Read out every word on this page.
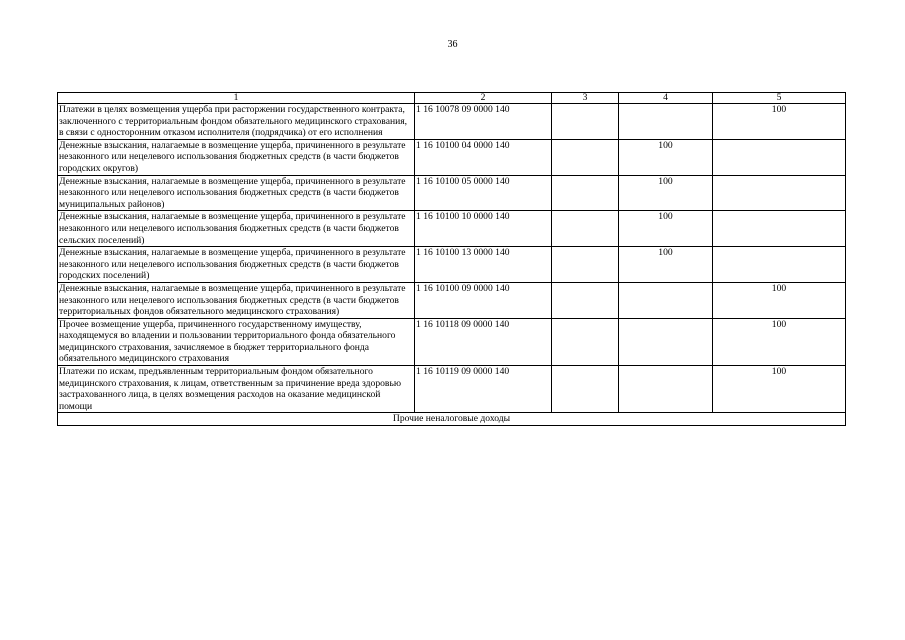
36
1	2	3	4	5
Платежи в целях возмещения ущерба при расторжении государственного контракта, заключенного с территориальным фондом обязательного медицинского страхования, в связи с односторонним отказом исполнителя (подрядчика) от его исполнения	1 16 10078 09 0000 140			100
Денежные взыскания, налагаемые в возмещение ущерба, причиненного в результате незаконного или нецелевого использования бюджетных средств (в части бюджетов городских округов)	1 16 10100 04 0000 140		100	
Денежные взыскания, налагаемые в возмещение ущерба, причиненного в результате незаконного или нецелевого использования бюджетных средств (в части бюджетов муниципальных районов)	1 16 10100 05 0000 140		100	
Денежные взыскания, налагаемые в возмещение ущерба, причиненного в результате незаконного или нецелевого использования бюджетных средств (в части бюджетов сельских поселений)	1 16 10100 10 0000 140		100	
Денежные взыскания, налагаемые в возмещение ущерба, причиненного в результате незаконного или нецелевого использования бюджетных средств (в части бюджетов городских поселений)	1 16 10100 13 0000 140		100	
Денежные взыскания, налагаемые в возмещение ущерба, причиненного в результате незаконного или нецелевого использования бюджетных средств (в части бюджетов территориальных фондов обязательного медицинского страхования)	1 16 10100 09 0000 140			100
Прочее возмещение ущерба, причиненного государственному имуществу, находящемуся во владении и пользовании территориального фонда обязательного медицинского страхования, зачисляемое в бюджет территориального фонда обязательного медицинского страхования	1 16 10118 09 0000 140			100
Платежи по искам, предъявленным территориальным фондом обязательного медицинского страхования, к лицам, ответственным за причинение вреда здоровью застрахованного лица, в целях возмещения расходов на оказание медицинской помощи	1 16 10119 09 0000 140			100
Прочие неналоговые доходы				
